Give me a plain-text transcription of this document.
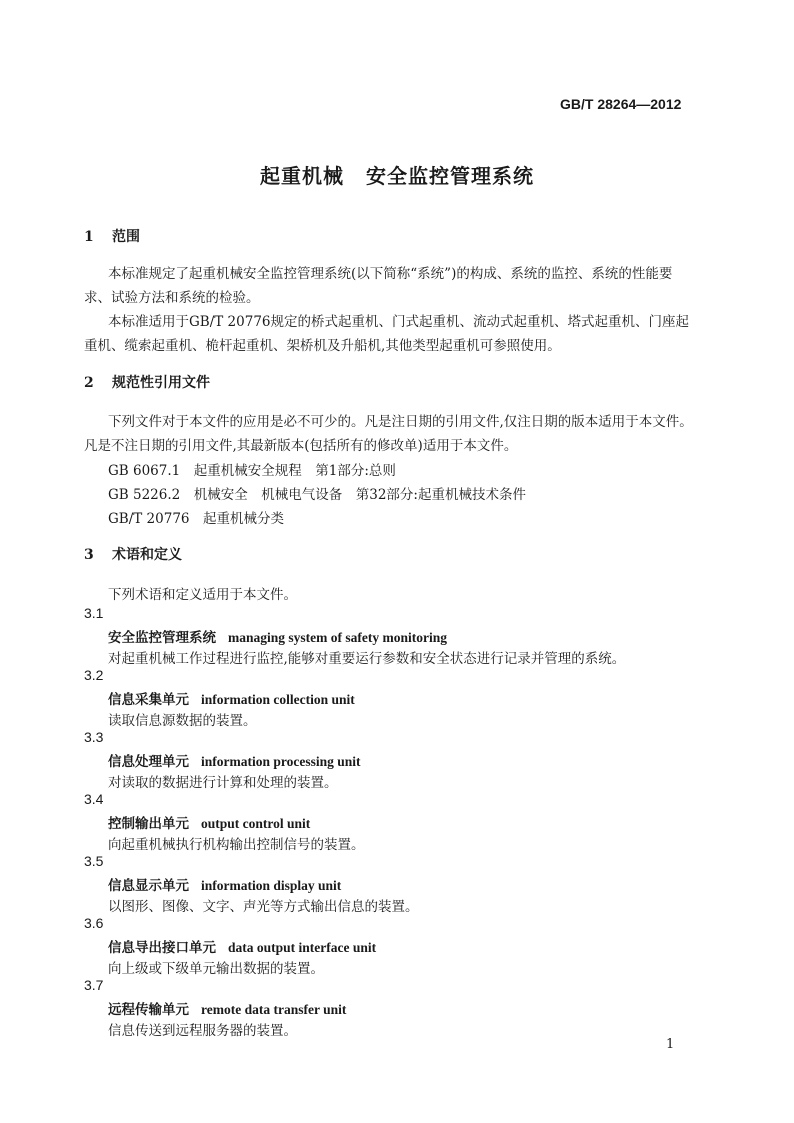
GB/T 28264—2012
起重机械 安全监控管理系统
1 范围
本标准规定了起重机械安全监控管理系统(以下简称“系统”)的构成、系统的监控、系统的性能要求、试验方法和系统的检验。
本标准适用于GB/T 20776规定的桥式起重机、门式起重机、流动式起重机、塔式起重机、门座起重机、缆索起重机、桅杆起重机、架桥机及升船机,其他类型起重机可参照使用。
2 规范性引用文件
下列文件对于本文件的应用是必不可少的。凡是注日期的引用文件,仅注日期的版本适用于本文件。凡是不注日期的引用文件,其最新版本(包括所有的修改单)适用于本文件。
GB 6067.1　起重机械安全规程　第1部分:总则
GB 5226.2　机械安全　机械电气设备　第32部分:起重机械技术条件
GB/T 20776　起重机械分类
3 术语和定义
下列术语和定义适用于本文件。
3.1
安全监控管理系统 managing system of safety monitoring
对起重机械工作过程进行监控,能够对重要运行参数和安全状态进行记录并管理的系统。
3.2
信息采集单元 information collection unit
读取信息源数据的装置。
3.3
信息处理单元 information processing unit
对读取的数据进行计算和处理的装置。
3.4
控制输出单元 output control unit
向起重机械执行机构输出控制信号的装置。
3.5
信息显示单元 information display unit
以图形、图像、文字、声光等方式输出信息的装置。
3.6
信息导出接口单元 data output interface unit
向上级或下级单元输出数据的装置。
3.7
远程传输单元 remote data transfer unit
信息传送到远程服务器的装置。
1
